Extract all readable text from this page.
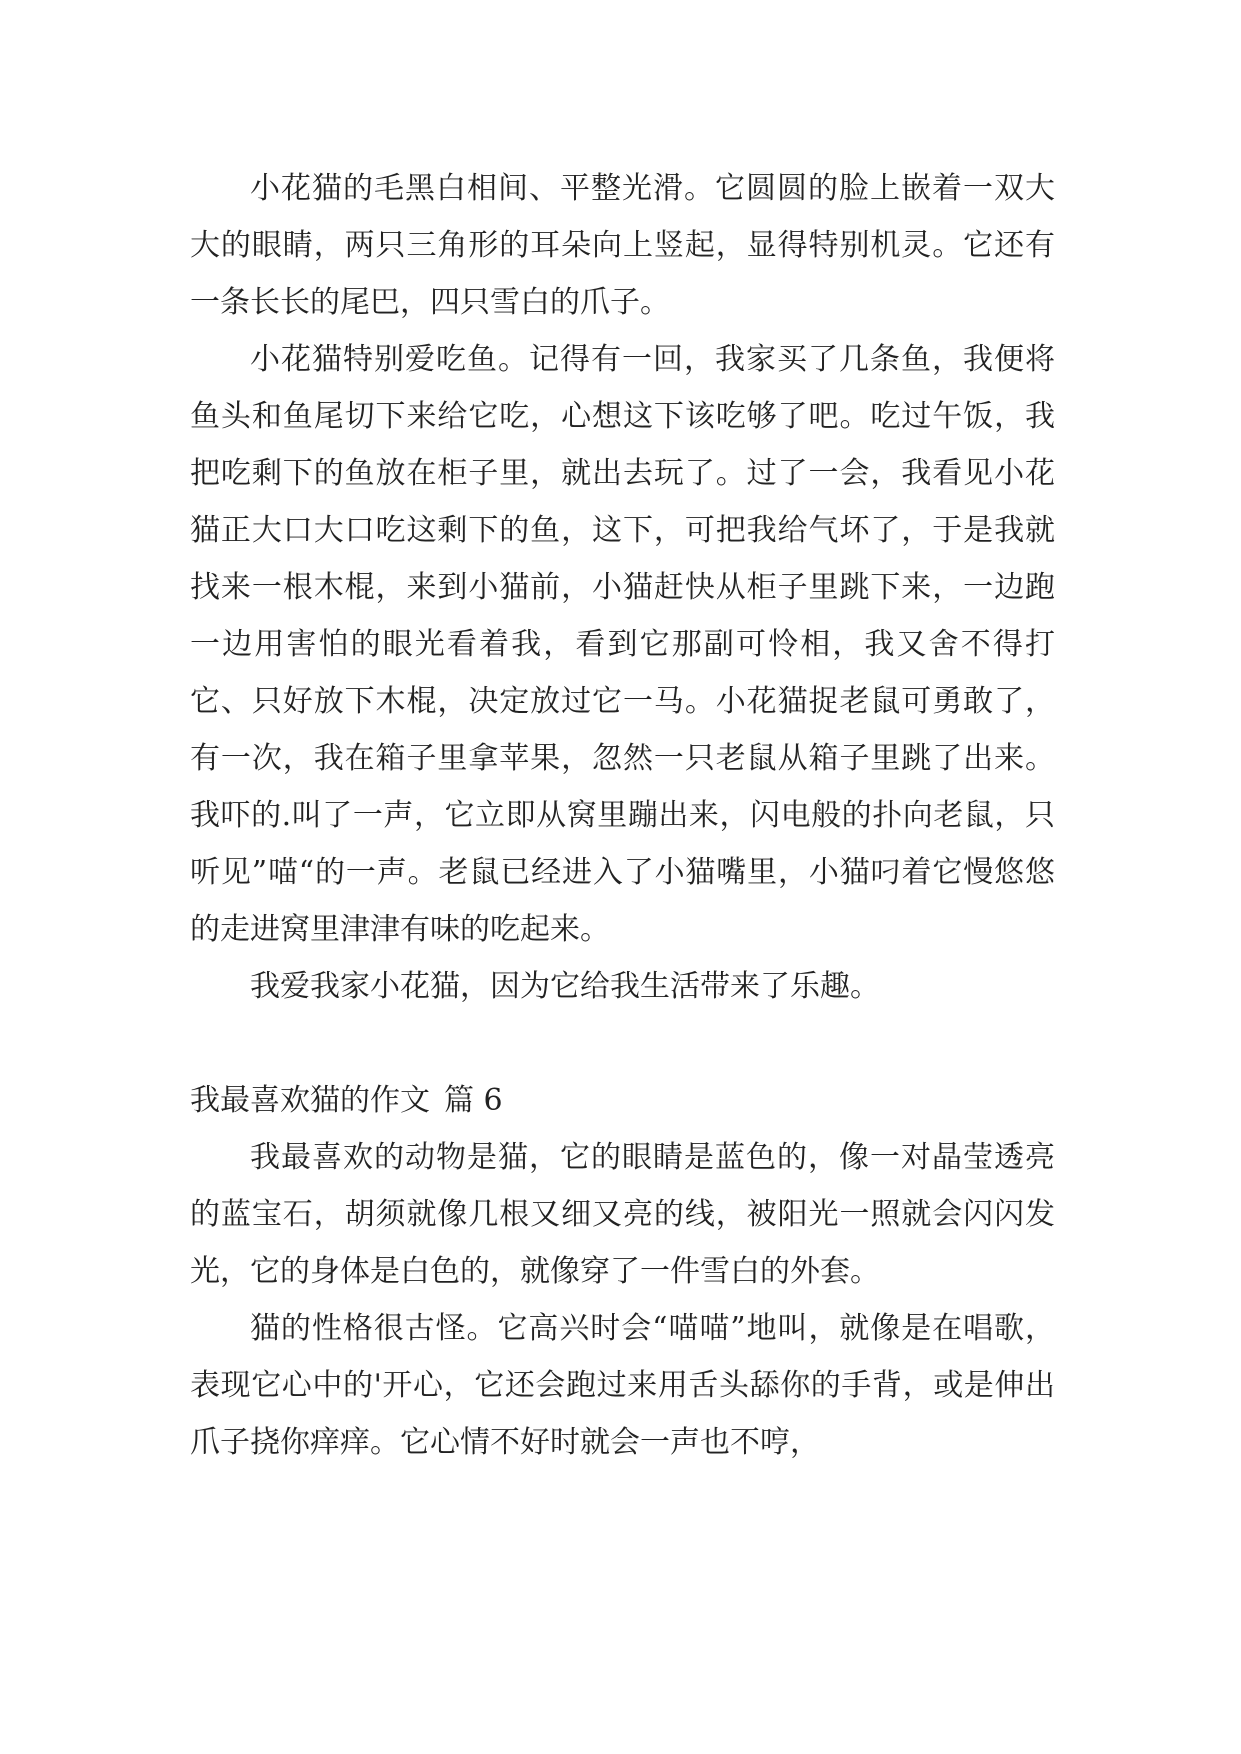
小花猫的毛黑白相间、平整光滑。它圆圆的脸上嵌着一双大大的眼睛，两只三角形的耳朵向上竖起，显得特别机灵。它还有一条长长的尾巴，四只雪白的爪子。

小花猫特别爱吃鱼。记得有一回，我家买了几条鱼，我便将鱼头和鱼尾切下来给它吃，心想这下该吃够了吧。吃过午饭，我把吃剩下的鱼放在柜子里，就出去玩了。过了一会，我看见小花猫正大口大口吃这剩下的鱼，这下，可把我给气坏了，于是我就找来一根木棍，来到小猫前，小猫赶快从柜子里跳下来，一边跑一边用害怕的眼光看着我，看到它那副可怜相，我又舍不得打它、只好放下木棍，决定放过它一马。小花猫捉老鼠可勇敢了，有一次，我在箱子里拿苹果，忽然一只老鼠从箱子里跳了出来。我吓的.叫了一声，它立即从窝里蹦出来，闪电般的扑向老鼠，只听见”喵“的一声。老鼠已经进入了小猫嘴里，小猫叼着它慢悠悠的走进窝里津津有味的吃起来。

我爱我家小花猫，因为它给我生活带来了乐趣。

我最喜欢猫的作文 篇 6

我最喜欢的动物是猫，它的眼睛是蓝色的，像一对晶莹透亮的蓝宝石，胡须就像几根又细又亮的线，被阳光一照就会闪闪发光，它的身体是白色的，就像穿了一件雪白的外套。

猫的性格很古怪。它高兴时会“喵喵”地叫，就像是在唱歌，表现它心中的'开心，它还会跑过来用舌头舔你的手背，或是伸出爪子挠你痒痒。它心情不好时就会一声也不哼，
